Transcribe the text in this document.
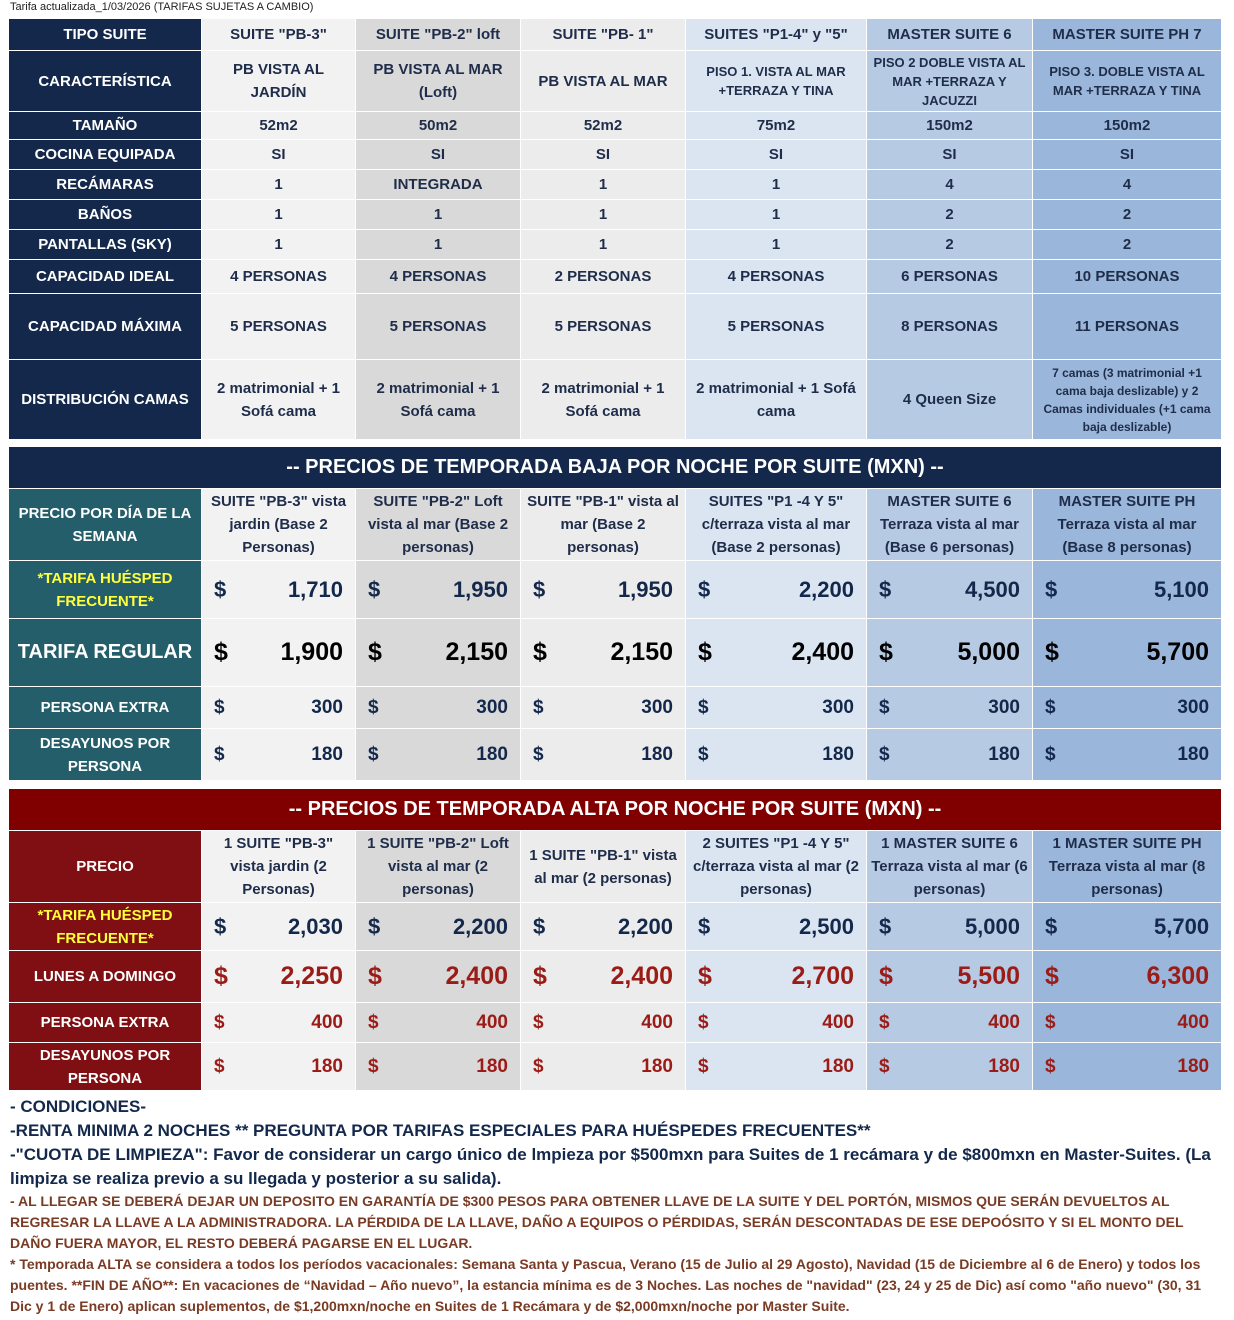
Tarifa actualizada_1/03/2026 (TARIFAS SUJETAS A CAMBIO)
TIPO SUITE	SUITE "PB-3"	SUITE "PB-2" loft	SUITE "PB- 1"	SUITES "P1-4" y "5"	MASTER SUITE 6	MASTER SUITE PH 7
CARACTERÍSTICA	PB VISTA AL JARDÍN	PB VISTA AL MAR (Loft)	PB VISTA AL MAR	PISO 1. VISTA AL MAR +TERRAZA Y TINA	PISO 2 DOBLE VISTA AL MAR +TERRAZA Y JACUZZI	PISO 3. DOBLE VISTA AL MAR +TERRAZA Y TINA
TAMAÑO	52m2	50m2	52m2	75m2	150m2	150m2
COCINA EQUIPADA	SI	SI	SI	SI	SI	SI
RECÁMARAS	1	INTEGRADA	1	1	4	4
BAÑOS	1	1	1	1	2	2
PANTALLAS (SKY)	1	1	1	1	2	2
CAPACIDAD IDEAL	4 PERSONAS	4 PERSONAS	2 PERSONAS	4 PERSONAS	6 PERSONAS	10 PERSONAS
CAPACIDAD MÁXIMA	5 PERSONAS	5 PERSONAS	5 PERSONAS	5 PERSONAS	8 PERSONAS	11 PERSONAS
DISTRIBUCIÓN CAMAS	2 matrimonial + 1 Sofá cama	2 matrimonial + 1 Sofá cama	2 matrimonial + 1 Sofá cama	2 matrimonial + 1 Sofá cama	4 Queen Size	7 camas (3 matrimonial +1 cama baja deslizable) y 2 Camas individuales (+1 cama baja deslizable)
-- PRECIOS DE TEMPORADA BAJA POR NOCHE POR SUITE (MXN) --						
PRECIO POR DÍA DE LA SEMANA	SUITE "PB-3" vista jardin (Base 2 Personas)	SUITE "PB-2" Loft vista al mar (Base 2 personas)	SUITE "PB-1" vista al mar (Base 2 personas)	SUITES "P1 -4 Y 5" c/terraza vista al mar (Base 2 personas)	MASTER SUITE 6 Terraza vista al mar (Base 6 personas)	MASTER SUITE PH Terraza vista al mar (Base 8 personas)
*TARIFA HUÉSPED FRECUENTE*	$ 1,710	$ 1,950	$ 1,950	$ 2,200	$ 4,500	$ 5,100

TARIFA REGULAR	$ 1,900	$ 2,150	$ 2,150	$ 2,400	$ 5,000	$ 5,700

PERSONA EXTRA	$ 300	$ 300	$ 300	$ 300	$ 300	$ 300

DESAYUNOS POR PERSONA	$ 180	$ 180	$ 180	$ 180	$ 180	$ 180
-- PRECIOS DE TEMPORADA ALTA POR NOCHE POR SUITE (MXN) --						
PRECIO	1 SUITE "PB-3" vista jardin (2 Personas)	1 SUITE "PB-2" Loft vista al mar (2 personas)	1 SUITE "PB-1" vista al mar (2 personas)	2 SUITES "P1 -4 Y 5" c/terraza vista al mar (2 personas)	1 MASTER SUITE 6 Terraza vista al mar (6 personas)	1 MASTER SUITE PH Terraza vista al mar (8 personas)
*TARIFA HUÉSPED FRECUENTE*	$ 2,030	$ 2,200	$ 2,200	$ 2,500	$ 5,000	$ 5,700

LUNES A DOMINGO	$ 2,250	$ 2,400	$ 2,400	$ 2,700	$ 5,500	$ 6,300

PERSONA EXTRA	$ 400	$ 400	$ 400	$ 400	$ 400	$ 400

DESAYUNOS POR PERSONA	$ 180	$ 180	$ 180	$ 180	$ 180	$ 180
- CONDICIONES-
-RENTA MINIMA 2 NOCHES ** PREGUNTA POR TARIFAS ESPECIALES PARA HUÉSPEDES FRECUENTES**
-"CUOTA DE LIMPIEZA": Favor de considerar un cargo único de lmpieza por $500mxn para Suites de 1 recámara y de $800mxn en Master-Suites. (La limpiza se realiza previo a su llegada y posterior a su salida).
- AL LLEGAR SE DEBERÁ DEJAR UN DEPOSITO EN GARANTÍA DE $300 PESOS PARA OBTENER LLAVE DE LA SUITE Y DEL PORTÓN, MISMOS QUE SERÁN DEVUELTOS AL REGRESAR LA LLAVE A LA ADMINISTRADORA. LA PÉRDIDA DE LA LLAVE, DAÑO A EQUIPOS O PÉRDIDAS, SERÁN DESCONTADAS DE ESE DEPOÓSITO Y SI EL MONTO DEL DAÑO FUERA MAYOR, EL RESTO DEBERÁ PAGARSE EN EL LUGAR.
* Temporada ALTA se considera a todos los períodos vacacionales: Semana Santa y Pascua, Verano (15 de Julio al 29 Agosto), Navidad (15 de Diciembre al 6 de Enero) y todos los puentes. **FIN DE AÑO**: En vacaciones de “Navidad – Año nuevo”, la estancia mínima es de 3 Noches. Las noches de "navidad" (23, 24 y 25 de Dic) así como "año nuevo" (30, 31 Dic y 1 de Enero) aplican suplementos, de $1,200mxn/noche en Suites de 1 Recámara y de $2,000mxn/noche por Master Suite.
